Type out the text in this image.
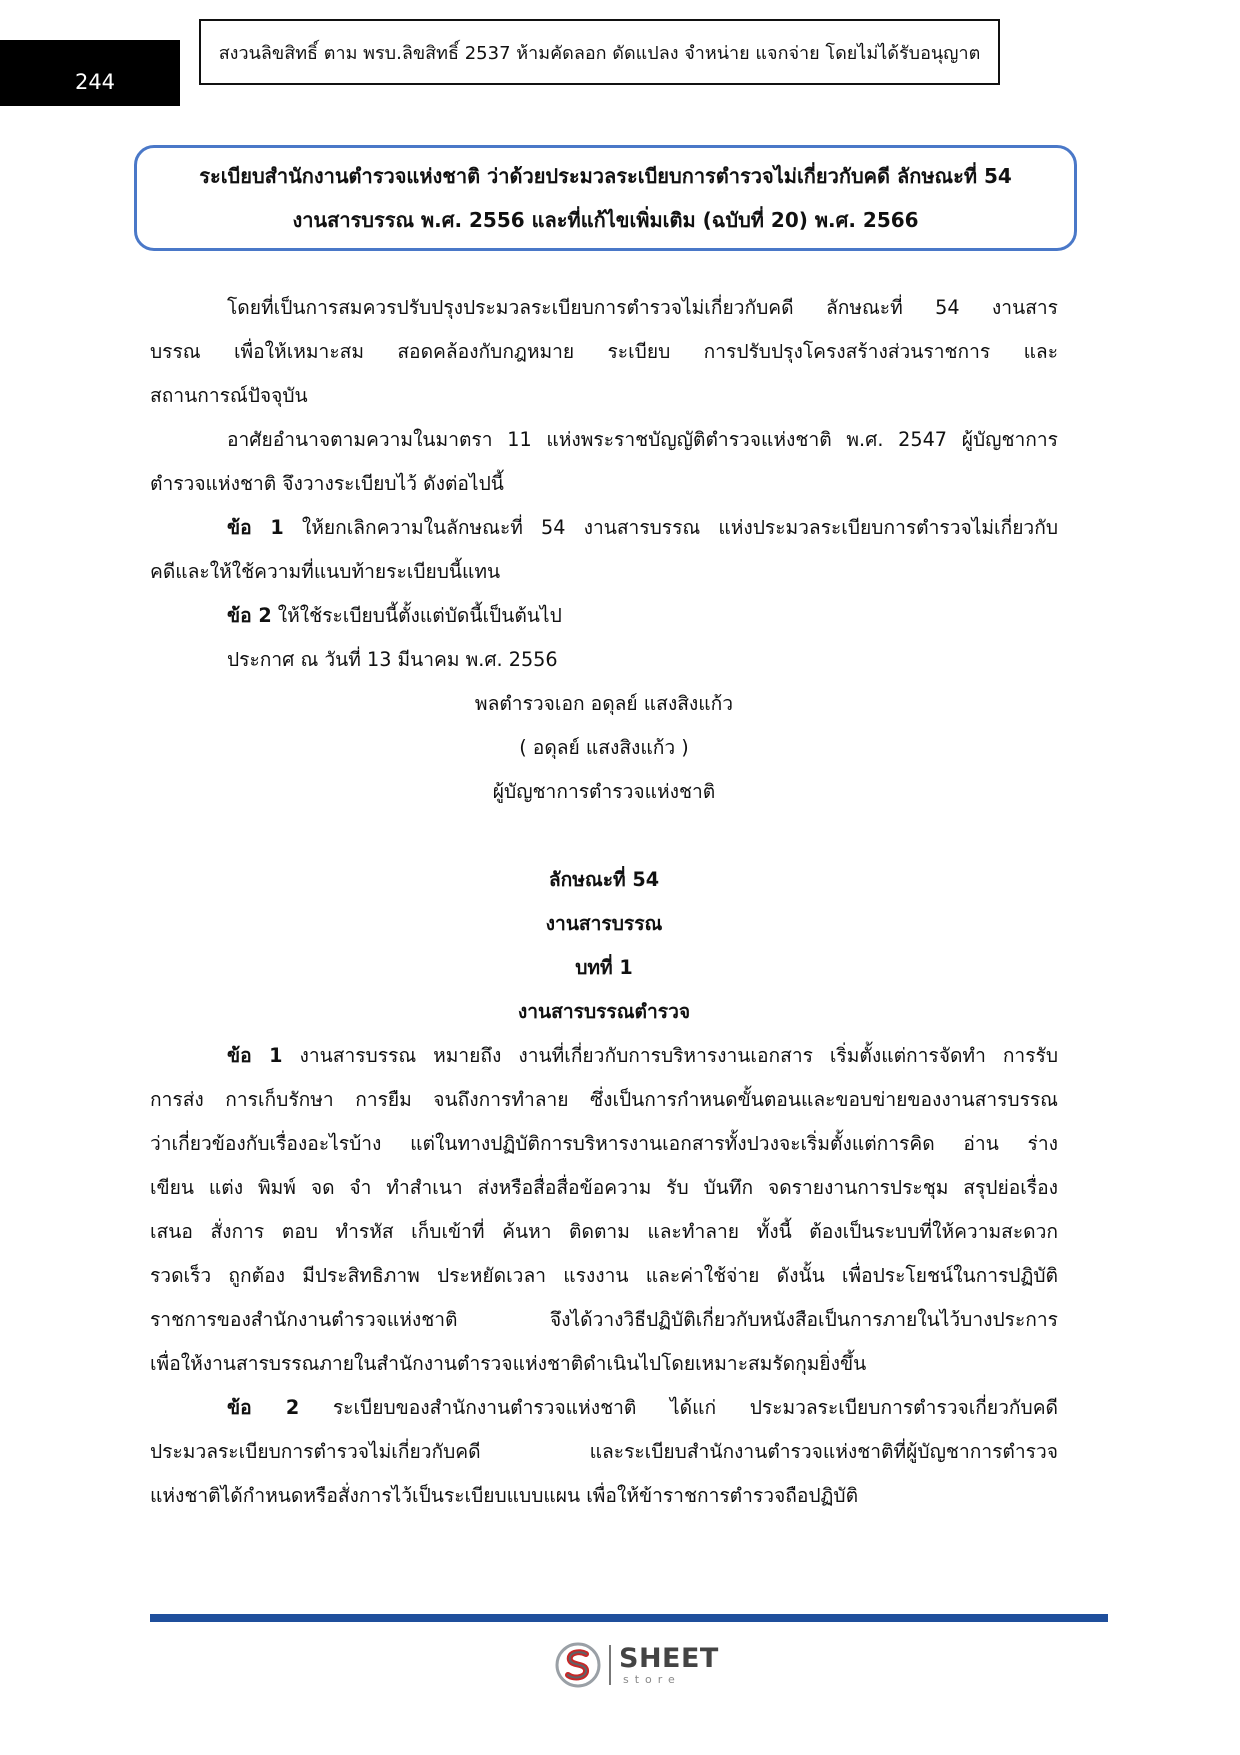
244
สงวนลิขสิทธิ์ ตาม พรบ.ลิขสิทธิ์ 2537 ห้ามคัดลอก ดัดแปลง จำหน่าย แจกจ่าย โดยไม่ได้รับอนุญาต
ระเบียบสำนักงานตำรวจแห่งชาติ ว่าด้วยประมวลระเบียบการตำรวจไม่เกี่ยวกับคดี ลักษณะที่ 54
งานสารบรรณ พ.ศ. 2556 และที่แก้ไขเพิ่มเติม (ฉบับที่ 20) พ.ศ. 2566
โดยที่เป็นการสมควรปรับปรุงประมวลระเบียบการตำรวจไม่เกี่ยวกับคดี ลักษณะที่ 54 งานสาร
บรรณ เพื่อให้เหมาะสม สอดคล้องกับกฎหมาย ระเบียบ การปรับปรุงโครงสร้างส่วนราชการ และ
สถานการณ์ปัจจุบัน
อาศัยอำนาจตามความในมาตรา 11 แห่งพระราชบัญญัติตำรวจแห่งชาติ พ.ศ. 2547 ผู้บัญชาการ
ตำรวจแห่งชาติ จึงวางระเบียบไว้ ดังต่อไปนี้
ข้อ 1 ให้ยกเลิกความในลักษณะที่ 54 งานสารบรรณ แห่งประมวลระเบียบการตำรวจไม่เกี่ยวกับ
คดีและให้ใช้ความที่แนบท้ายระเบียบนี้แทน
ข้อ 2 ให้ใช้ระเบียบนี้ตั้งแต่บัดนี้เป็นต้นไป
ประกาศ ณ วันที่ 13 มีนาคม พ.ศ. 2556
พลตำรวจเอก อดุลย์ แสงสิงแก้ว
( อดุลย์ แสงสิงแก้ว )
ผู้บัญชาการตำรวจแห่งชาติ
ลักษณะที่ 54
งานสารบรรณ
บทที่ 1
งานสารบรรณตำรวจ
ข้อ 1 งานสารบรรณ หมายถึง งานที่เกี่ยวกับการบริหารงานเอกสาร เริ่มตั้งแต่การจัดทำ การรับ
การส่ง การเก็บรักษา การยืม จนถึงการทำลาย ซึ่งเป็นการกำหนดขั้นตอนและขอบข่ายของงานสารบรรณ
ว่าเกี่ยวข้องกับเรื่องอะไรบ้าง แต่ในทางปฏิบัติการบริหารงานเอกสารทั้งปวงจะเริ่มตั้งแต่การคิด อ่าน ร่าง
เขียน แต่ง พิมพ์ จด จำ ทำสำเนา ส่งหรือสื่อสื่อข้อความ รับ บันทึก จดรายงานการประชุม สรุปย่อเรื่อง
เสนอ สั่งการ ตอบ ทำรหัส เก็บเข้าที่ ค้นหา ติดตาม และทำลาย ทั้งนี้ ต้องเป็นระบบที่ให้ความสะดวก
รวดเร็ว ถูกต้อง มีประสิทธิภาพ ประหยัดเวลา แรงงาน และค่าใช้จ่าย ดังนั้น เพื่อประโยชน์ในการปฏิบัติ
ราชการของสำนักงานตำรวจแห่งชาติ จึงได้วางวิธีปฏิบัติเกี่ยวกับหนังสือเป็นการภายในไว้บางประการ
เพื่อให้งานสารบรรณภายในสำนักงานตำรวจแห่งชาติดำเนินไปโดยเหมาะสมรัดกุมยิ่งขึ้น
ข้อ 2 ระเบียบของสำนักงานตำรวจแห่งชาติ ได้แก่ ประมวลระเบียบการตำรวจเกี่ยวกับคดี
ประมวลระเบียบการตำรวจไม่เกี่ยวกับคดี และระเบียบสำนักงานตำรวจแห่งชาติที่ผู้บัญชาการตำรวจ
แห่งชาติได้กำหนดหรือสั่งการไว้เป็นระเบียบแบบแผน เพื่อให้ข้าราชการตำรวจถือปฏิบัติ
SHEET
store
